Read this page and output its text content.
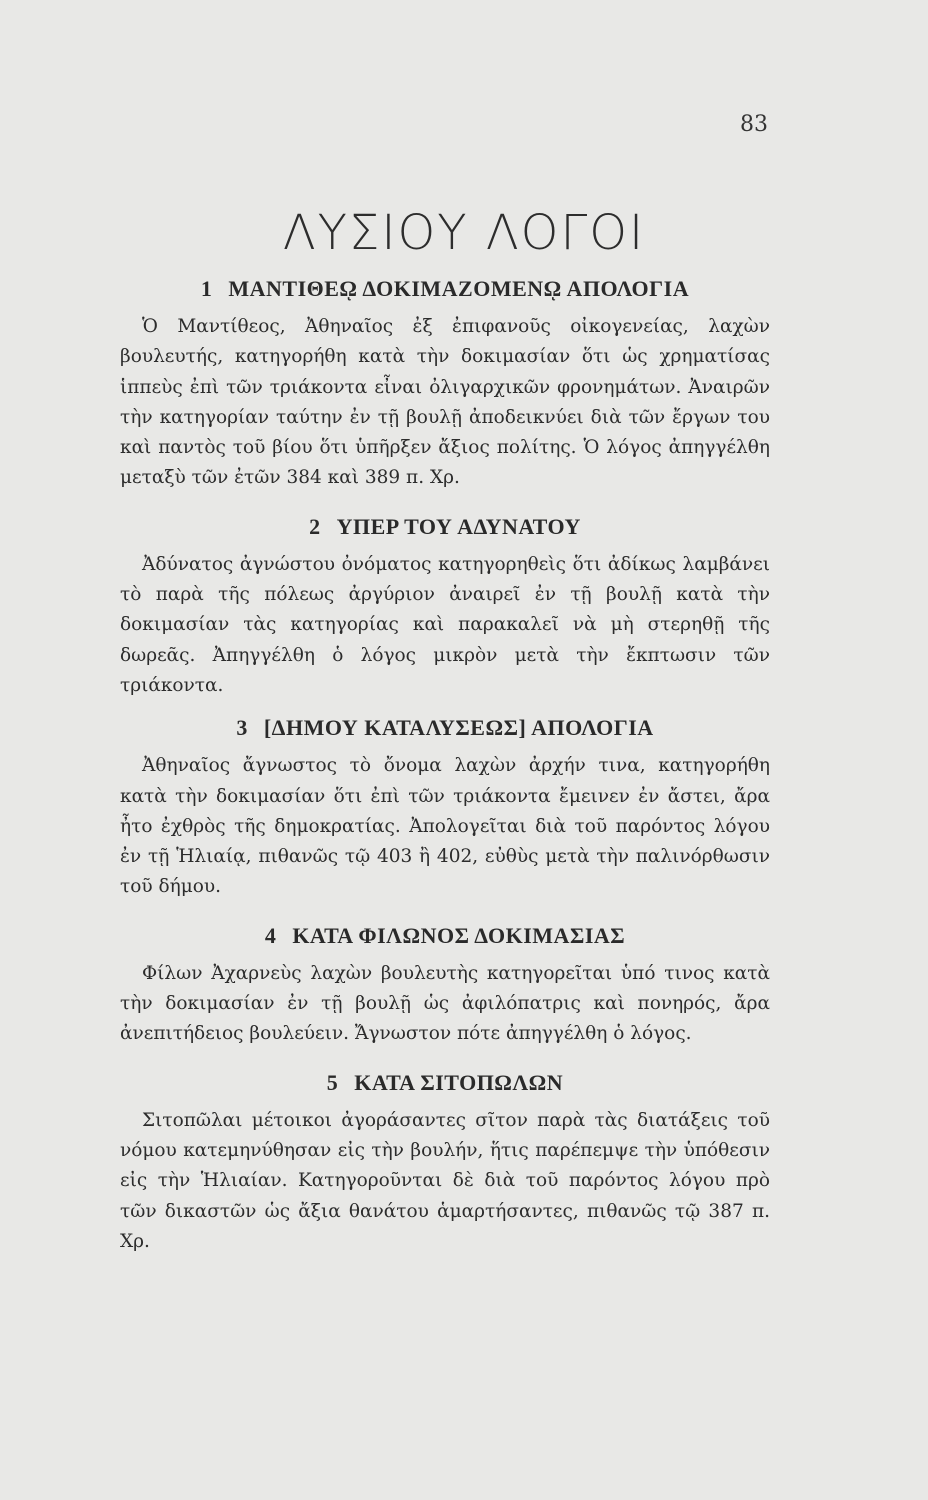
83
ΛΥΣΙΟΥ ΛΟΓΟΙ
1 ΜΑΝΤΙΘΕῼ ΔΟΚΙΜΑΖΟΜΕΝῼ ΑΠΟΛΟΓΙΑ

Ὁ Μαντίθεος, Ἀθηναῖος ἐξ ἐπιφανοῦς οἰκογενείας, λαχὼν βουλευτής, κατηγορήθη κατὰ τὴν δοκιμασίαν ὅτι ὡς χρηματίσας ἱππεὺς ἐπὶ τῶν τριάκοντα εἶναι ὀλιγαρχικῶν φρονημάτων. Ἀναιρῶν τὴν κατηγορίαν ταύτην ἐν τῇ βουλῇ ἀποδεικνύει διὰ τῶν ἔργων του καὶ παντὸς τοῦ βίου ὅτι ὑπῆρξεν ἄξιος πολίτης. Ὁ λόγος ἀπηγγέλθη μεταξὺ τῶν ἐτῶν 384 καὶ 389 π. Χρ.

2 ΥΠΕΡ ΤΟΥ ΑΔΥΝΑΤΟΥ

Ἀδύνατος ἀγνώστου ὀνόματος κατηγορηθεὶς ὅτι ἀδίκως λαμβάνει τὸ παρὰ τῆς πόλεως ἀργύριον ἀναιρεῖ ἐν τῇ βουλῇ κατὰ τὴν δοκιμασίαν τὰς κατηγορίας καὶ παρακαλεῖ νὰ μὴ στερηθῇ τῆς δωρεᾶς. Ἀπηγγέλθη ὁ λόγος μικρὸν μετὰ τὴν ἔκπτωσιν τῶν τριάκοντα.

3 [ΔΗΜΟΥ ΚΑΤΑΛΥΣΕΩΣ] ΑΠΟΛΟΓΙΑ

Ἀθηναῖος ἄγνωστος τὸ ὄνομα λαχὼν ἀρχήν τινα, κατηγορήθη κατὰ τὴν δοκιμασίαν ὅτι ἐπὶ τῶν τριάκοντα ἔμεινεν ἐν ἄστει, ἄρα ἦτο ἐχθρὸς τῆς δημοκρατίας. Ἀπολογεῖται διὰ τοῦ παρόντος λόγου ἐν τῇ Ἡλιαίᾳ, πιθανῶς τῷ 403 ἢ 402, εὐθὺς μετὰ τὴν παλινόρθωσιν τοῦ δήμου.

4 ΚΑΤΑ ΦΙΛΩΝΟΣ ΔΟΚΙΜΑΣΙΑΣ

Φίλων Ἀχαρνεὺς λαχὼν βουλευτὴς κατηγορεῖται ὑπό τινος κατὰ τὴν δοκιμασίαν ἐν τῇ βουλῇ ὡς ἀφιλόπατρις καὶ πονηρός, ἄρα ἀνεπιτήδειος βουλεύειν. Ἄγνωστον πότε ἀπηγγέλθη ὁ λόγος.

5 ΚΑΤΑ ΣΙΤΟΠΩΛΩΝ

Σιτοπῶλαι μέτοικοι ἀγοράσαντες σῖτον παρὰ τὰς διατάξεις τοῦ νόμου κατεμηνύθησαν εἰς τὴν βουλήν, ἥτις παρέπεμψε τὴν ὑπόθεσιν εἰς τὴν Ἡλιαίαν. Κατηγοροῦνται δὲ διὰ τοῦ παρόντος λόγου πρὸ τῶν δικαστῶν ὡς ἄξια θανάτου ἁμαρτήσαντες, πιθανῶς τῷ 387 π. Χρ.
